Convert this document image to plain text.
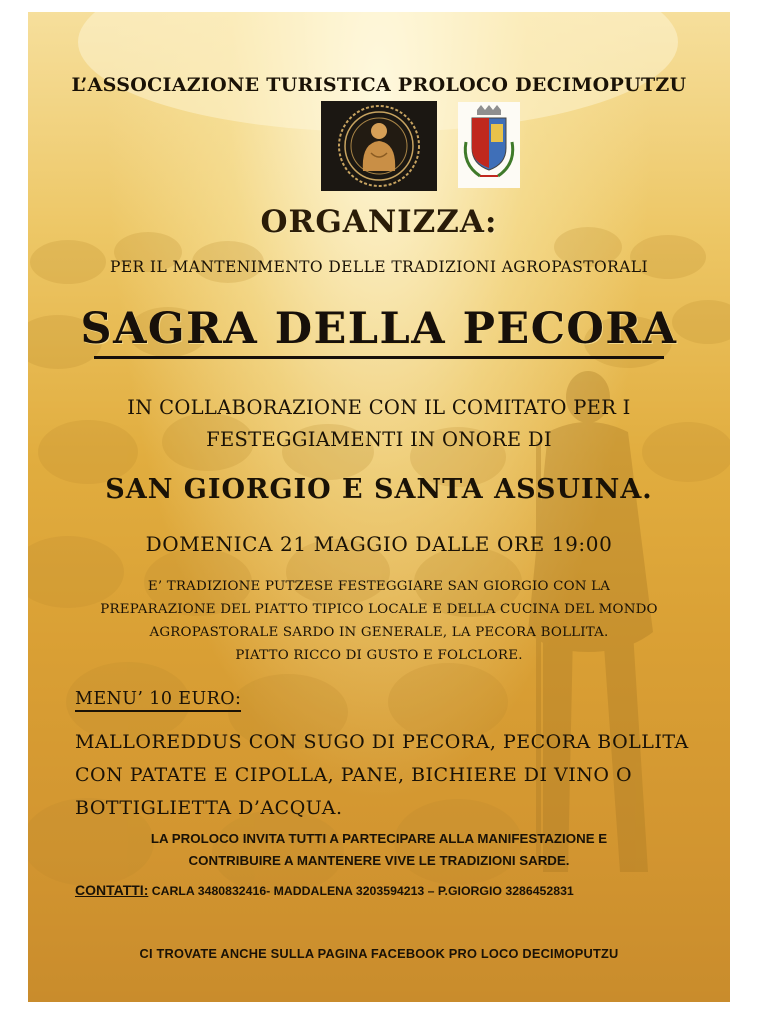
L’ASSOCIAZIONE TURISTICA PROLOCO DECIMOPUTZU
ORGANIZZA:
PER IL MANTENIMENTO DELLE TRADIZIONI AGROPASTORALI
SAGRA DELLA PECORA
IN COLLABORAZIONE CON IL COMITATO PER I
FESTEGGIAMENTI IN ONORE DI
SAN GIORGIO E SANTA ASSUINA.
DOMENICA 21 MAGGIO DALLE ORE 19:00
E’ TRADIZIONE PUTZESE FESTEGGIARE SAN GIORGIO CON LA
PREPARAZIONE DEL PIATTO TIPICO LOCALE E DELLA CUCINA DEL MONDO
AGROPASTORALE SARDO IN GENERALE, LA PECORA BOLLITA.
PIATTO RICCO DI GUSTO E FOLCLORE.
MENU’ 10 EURO:
MALLOREDDUS CON SUGO DI PECORA, PECORA BOLLITA
CON PATATE E CIPOLLA, PANE, BICHIERE DI VINO O
BOTTIGLIETTA D’ACQUA.
LA PROLOCO INVITA TUTTI A PARTECIPARE ALLA MANIFESTAZIONE E
CONTRIBUIRE A MANTENERE VIVE LE TRADIZIONI SARDE.
CONTATTI: CARLA 3480832416- MADDALENA 3203594213 – P.GIORGIO 3286452831
CI TROVATE ANCHE SULLA PAGINA FACEBOOK PRO LOCO DECIMOPUTZU
